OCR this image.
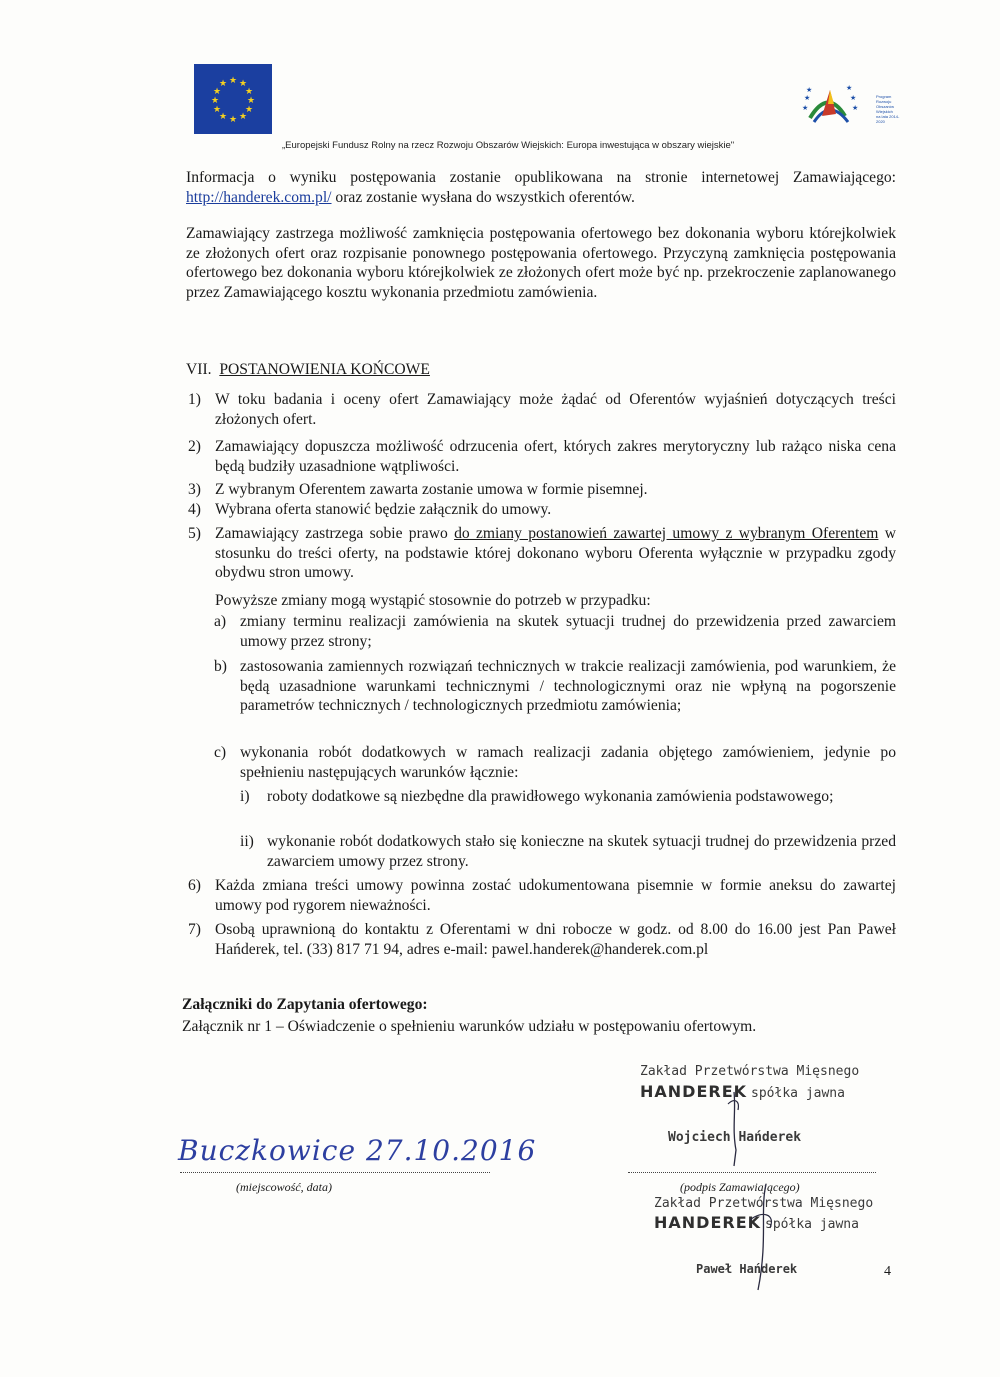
★ ★
★
★
★
★
★
★
★
★
★
★
★
★
★	★
★
★
Program
Rozwoju
Obszarów
Wiejskich
na lata 2014-2020
„Europejski Fundusz Rolny na rzecz Rozwoju Obszarów Wiejskich: Europa inwestująca w obszary wiejskie"
Informacja o wyniku postępowania zostanie opublikowana na stronie internetowej Zamawiającego: http://handerek.com.pl/ oraz zostanie wysłana do wszystkich oferentów.
Zamawiający zastrzega możliwość zamknięcia postępowania ofertowego bez dokonania wyboru którejkolwiek ze złożonych ofert oraz rozpisanie ponownego postępowania ofertowego. Przyczyną zamknięcia postępowania ofertowego bez dokonania wyboru którejkolwiek ze złożonych ofert może być np. przekroczenie zaplanowanego przez Zamawiającego kosztu wykonania przedmiotu zamówienia.
VII. POSTANOWIENIA KOŃCOWE
1) W toku badania i oceny ofert Zamawiający może żądać od Oferentów wyjaśnień dotyczących treści złożonych ofert.
2) Zamawiający dopuszcza możliwość odrzucenia ofert, których zakres merytoryczny lub rażąco niska cena będą budziły uzasadnione wątpliwości.
3) Z wybranym Oferentem zawarta zostanie umowa w formie pisemnej.
4) Wybrana oferta stanowić będzie załącznik do umowy.
5) Zamawiający zastrzega sobie prawo do zmiany postanowień zawartej umowy z wybranym Oferentem w stosunku do treści oferty, na podstawie której dokonano wyboru Oferenta wyłącznie w przypadku zgody obydwu stron umowy.
Powyższe zmiany mogą wystąpić stosownie do potrzeb w przypadku:
a) zmiany terminu realizacji zamówienia na skutek sytuacji trudnej do przewidzenia przed zawarciem umowy przez strony;
b) zastosowania zamiennych rozwiązań technicznych w trakcie realizacji zamówienia, pod warunkiem, że będą uzasadnione warunkami technicznymi / technologicznymi oraz nie wpłyną na pogorszenie parametrów technicznych / technologicznych przedmiotu zamówienia;
c) wykonania robót dodatkowych w ramach realizacji zadania objętego zamówieniem, jedynie po spełnieniu następujących warunków łącznie:
i) roboty dodatkowe są niezbędne dla prawidłowego wykonania zamówienia podstawowego;
ii) wykonanie robót dodatkowych stało się konieczne na skutek sytuacji trudnej do przewidzenia przed zawarciem umowy przez strony.
6) Każda zmiana treści umowy powinna zostać udokumentowana pisemnie w formie aneksu do zawartej umowy pod rygorem nieważności.
7) Osobą uprawnioną do kontaktu z Oferentami w dni robocze w godz. od 8.00 do 16.00 jest Pan Paweł Hańderek, tel. (33) 817 71 94, adres e-mail: pawel.handerek@handerek.com.pl
Załączniki do Zapytania ofertowego:
Załącznik nr 1 – Oświadczenie o spełnieniu warunków udziału w postępowaniu ofertowym.
Zakład Przetwórstwa Mięsnego
HANDEREK spółka jawna
Wojciech Hańderek
Buczkowice 27.10.2016
(miejscowość, data)	(podpis Zamawiającego)
Zakład Przetwórstwa Mięsnego
HANDEREK spółka jawna
Paweł Hańderek	4
